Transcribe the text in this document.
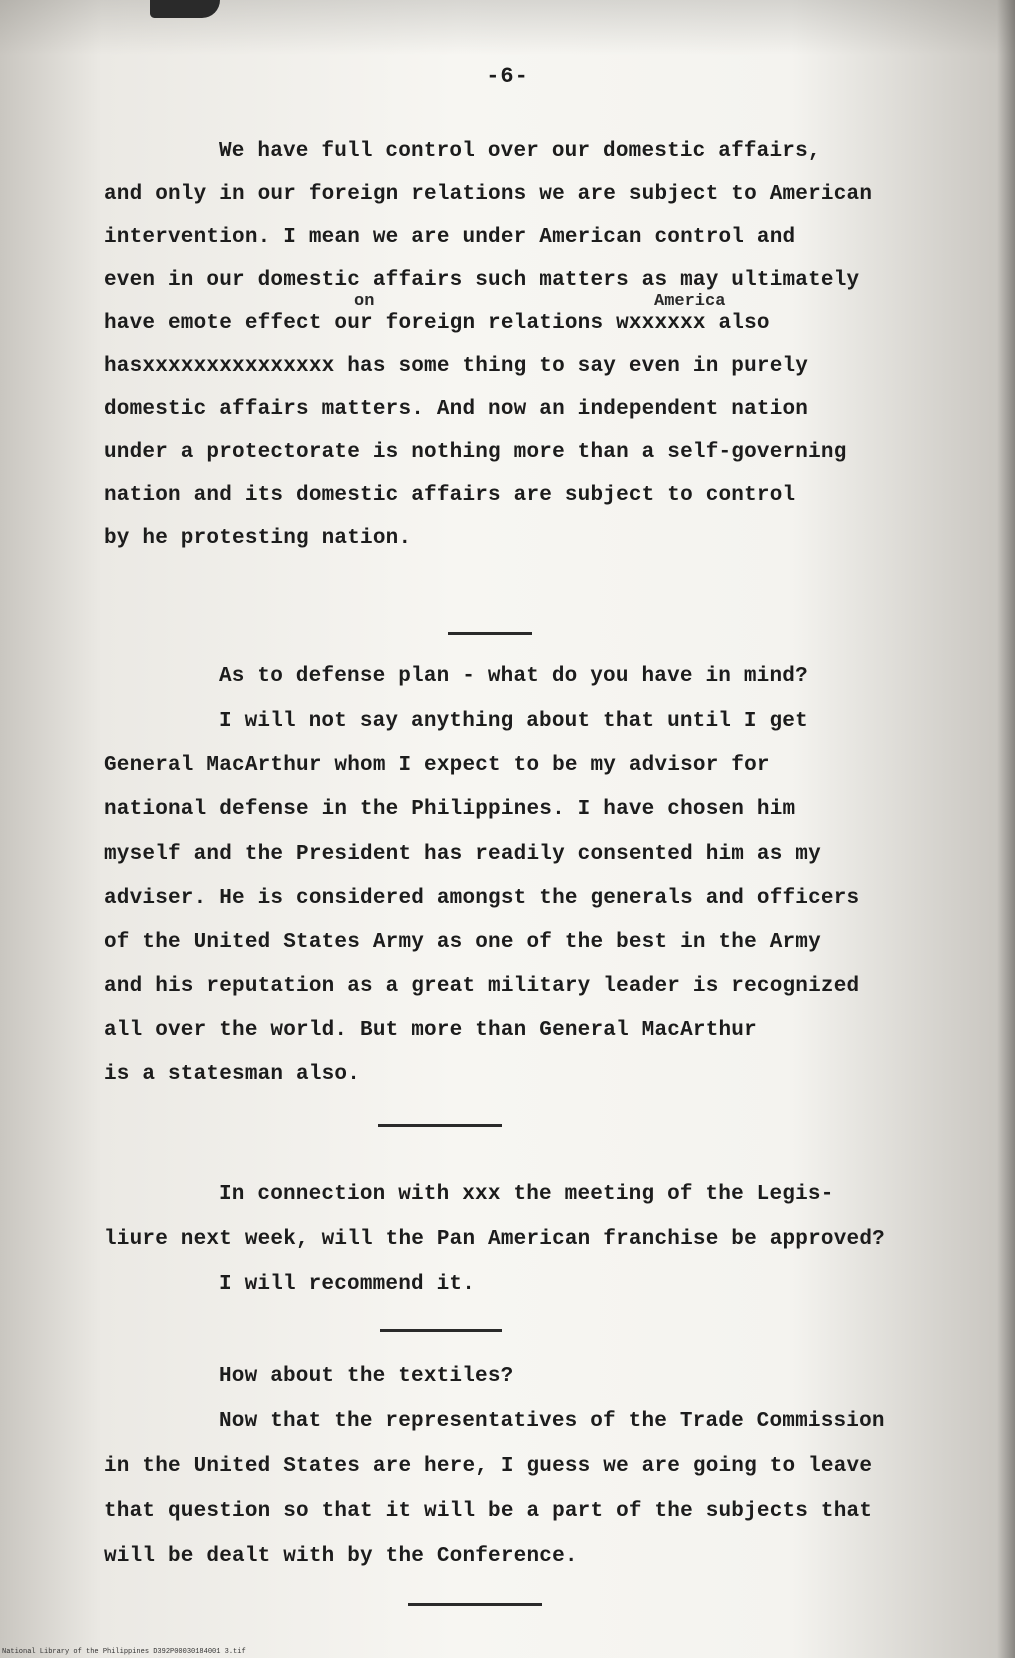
-6-
We have full control over our domestic affairs,
and only in our foreign relations we are subject to American
intervention. I mean we are under American control and
even in our domestic affairs such matters as may ultimately
on	America
have emote effect our foreign relations wxxxxxx also
hasxxxxxxxxxxxxxxx has some thing to say even in purely
domestic affairs matters. And now an independent nation
under a protectorate is nothing more than a self-governing
nation and its domestic affairs are subject to control
by he protesting nation.
As to defense plan - what do you have in mind?
I will not say anything about that until I get
General MacArthur whom I expect to be my advisor for
national defense in the Philippines. I have chosen him
myself and the President has readily consented him as my
adviser. He is considered amongst the generals and officers
of the United States Army as one of the best in the Army
and his reputation as a great military leader is recognized
all over the world. But more than General MacArthur
is a statesman also.
In connection with xxx the meeting of the Legis-
liure next week, will the Pan American franchise be approved?
I will recommend it.
How about the textiles?
Now that the representatives of the Trade Commission
in the United States are here, I guess we are going to leave
that question so that it will be a part of the subjects that
will be dealt with by the Conference.
National Library of the Philippines D392P00030184001 3.tif
